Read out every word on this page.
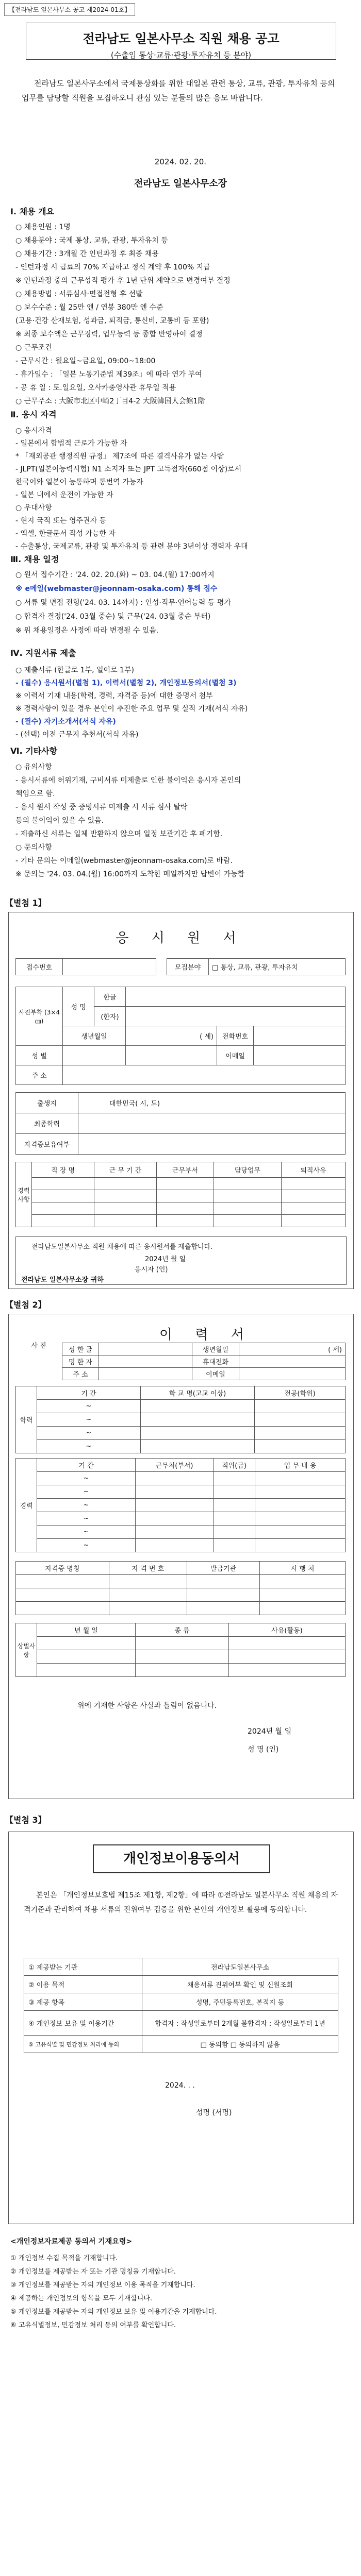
【전라남도 일본사무소 공고 제2024-01호】
전라남도 일본사무소 직원 채용 공고
(수출입 통상·교류·관광·투자유치 등 분야)
전라남도 일본사무소에서 국제통상화를 위한 대일본 관련 통상, 교류, 관광, 투자유치 등의 업무를 담당할 직원을 모집하오니 관심 있는 분들의 많은 응모 바랍니다.
2024. 02. 20.
전라남도 일본사무소장
Ⅰ. 채용 개요
○ 채용인원 : 1명
○ 채용분야 : 국제 통상, 교류, 관광, 투자유치 등
○ 채용기간 : 3개월 간 인턴과정 후 최종 채용
- 인턴과정 시 급료의 70% 지급하고 정식 계약 후 100% 지급
※ 인턴과정 중의 근무성적 평가 후 1년 단위 계약으로 변경여부 결정
○ 채용방법 : 서류심사·면접전형 후 선발
○ 보수수준 : 월 25만 엔 / 연봉 380만 엔 수준
(고용·건강 산재보험, 성과금, 퇴직금, 통신비, 교통비 등 포함)
※ 최종 보수액은 근무경력, 업무능력 등 종합 반영하여 결정
○ 근무조건
- 근무시간 : 월요일~금요일, 09:00~18:00
- 휴가일수 : 「일본 노동기준법 제39조」에 따라 연가 부여
- 공 휴 일 : 토.일요일, 오사카총영사관 휴무일 적용
○ 근무주소 : 大阪市北区中崎2丁目4-2 大阪韓国人会館1階
Ⅱ. 응시 자격
○ 응시자격
- 일본에서 합법적 근로가 가능한 자
* 「재외공관 행정직원 규정」 제7조에 따른 결격사유가 없는 사람
- JLPT(일본어능력시험) N1 소지자 또는 JPT 고득점자(660점 이상)로서
한국어와 일본어 능통하며 통번역 가능자
- 일본 내에서 운전이 가능한 자
○ 우대사항
- 현지 국적 또는 영주권자 등
- 엑셀, 한글문서 작성 가능한 자
- 수출통상, 국제교류, 관광 및 투자유치 등 관련 분야 3년이상 경력자 우대
Ⅲ. 채용 일정
○ 원서 접수기간 : '24. 02. 20.(화) ~ 03. 04.(월) 17:00까지
※ e메일(webmaster@jeonnam-osaka.com) 통해 접수
○ 서류 및 면접 전형('24. 03. 14까지) : 인성·직무·언어능력 등 평가
○ 합격자 결정('24. 03월 중순) 및 근무('24. 03월 중순 부터)
※ 위 채용일정은 사정에 따라 변경될 수 있음.
Ⅳ. 지원서류 제출
○ 제출서류 (한글로 1부, 일어로 1부)
- (필수) 응시원서(별첨 1), 이력서(별첨 2), 개인정보동의서(별첨 3)
※ 이력서 기재 내용(학력, 경력, 자격증 등)에 대한 증명서 첨부
※ 경력사항이 있을 경우 본인이 추진한 주요 업무 및 실적 기재(서식 자유)
- (필수) 자기소개서(서식 자유)
- (선택) 이전 근무지 추천서(서식 자유)
Ⅵ. 기타사항
○ 유의사항
- 응시서류에 허위기재, 구비서류 미제출로 인한 불이익은 응시자 본인의
책임으로 함.
- 응시 원서 작성 중 증빙서류 미제출 시 서류 심사 탈락
등의 불이익이 있을 수 있음.
- 제출하신 서류는 일체 반환하지 않으며 일정 보관기간 후 폐기함.
○ 문의사항
- 기타 문의는 이메일(webmaster@jeonnam-osaka.com)로 바람.
※ 문의는 '24. 03. 04.(월) 16:00까지 도착한 메일까지만 답변이 가능함
【별첨 1】
응 시 원 서
접수번호			모집분야	□ 통상, 교류, 관광, 투자유치
사진부착 (3×4㎝)	성 명	한글			
		(한자)			
	생년월일		( 세)	전화번호	
성 별				이메일	
주 소					
출생지	대한민국( 시, 도)
최종학력	
자격증보유여부	
경력사항	직 장 명	근 무 기 간	근무부서	담당업무	퇴직사유

전라남도일본사무소 직원 채용에 따른 응시원서를 제출합니다.
2024년 월 일
응시자 (인)
전라남도 일본사무소장 귀하
【별첨 2】
이 력 서
사 진				
	성 한 글		생년월일	( 세)
	명 한 자		휴대전화	
	주 소		이메일	
학력	기 간	학 교 명(고교 이상)	전공(학위)
	~		
	~		
	~		
	~		
경력	기 간	근무처(부서)	직위(급)	업 무 내 용
	~			
	~			
	~			
	~			
	~			
	~			
자격증 명칭	자 격 번 호	발급기관	시 행 처

상벌사항	년 월 일	종 류	사유(활동)

위에 기재한 사항은 사실과 틀림이 없음니다.
2024년 월 일
성 명 (인)
【별첨 3】
개인정보이용동의서
본인은 「개인정보보호법 제15조 제1항, 제2항」에 따라 ①전라남도 일본사무소 직원 채용의 자격기준과 관리하여 채용 서류의 진위여부 검증을 위한 본인의 개인정보 활용에 동의합니다.
① 제공받는 기관	전라남도일본사무소
② 이용 목적	채용서류 진위여부 확인 및 신원조회
③ 제공 항목	성명, 주민등록번호, 본적지 등
④ 개인정보 보유 및 이용기간	합격자 : 작성일로부터 2개월 불합격자 : 작성일로부터 1년
⑤ 고유식별 및 민감정보 처리에 동의	□ 동의함 □ 동의하지 않음
2024. . .
성명 (서명)
<개인정보자료제공 동의서 기재요령>
① 개인정보 수집 목적을 기재합니다.
② 개인정보를 제공받는 자 또는 기관 명칭을 기재합니다.
③ 개인정보를 제공받는 자의 개인정보 이용 목적을 기재합니다.
④ 제공하는 개인정보의 항목을 모두 기재합니다.
⑤ 개인정보를 제공받는 자의 개인정보 보유 및 이용기간을 기재합니다.
⑥ 고유식별정보, 민감정보 처리 동의 여부를 확인합니다.
